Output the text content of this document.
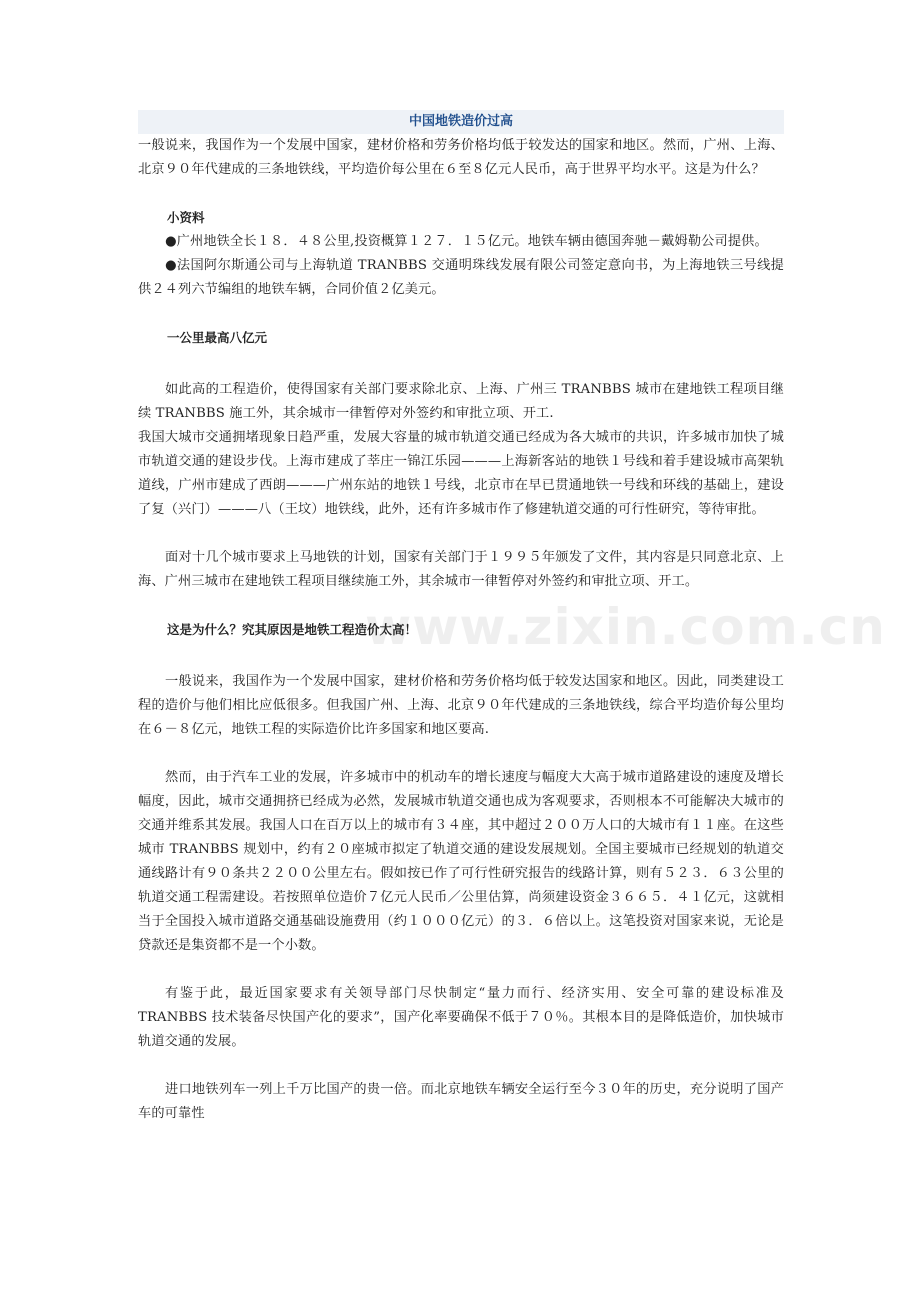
www.zixin.com.cn
中国地铁造价过高

一般说来，我国作为一个发展中国家，建材价格和劳务价格均低于较发达的国家和地区。然而，广州、上海、北京９０年代建成的三条地铁线，平均造价每公里在６至８亿元人民币，高于世界平均水平。这是为什么？

小资料

●广州地铁全长１８．４８公里,投资概算１２７．１５亿元。地铁车辆由德国奔驰－戴姆勒公司提供。

●法国阿尔斯通公司与上海轨道 TRANBBS 交通明珠线发展有限公司签定意向书，为上海地铁三号线提供２４列六节编组的地铁车辆，合同价值２亿美元。

一公里最高八亿元

如此高的工程造价，使得国家有关部门要求除北京、上海、广州三 TRANBBS 城市在建地铁工程项目继续 TRANBBS 施工外，其余城市一律暂停对外签约和审批立项、开工.

我国大城市交通拥堵现象日趋严重，发展大容量的城市轨道交通已经成为各大城市的共识，许多城市加快了城市轨道交通的建设步伐。上海市建成了莘庄一锦江乐园———上海新客站的地铁１号线和着手建设城市高架轨道线，广州市建成了西朗———广州东站的地铁１号线，北京市在早已贯通地铁一号线和环线的基础上，建设了复（兴门）———八（王坟）地铁线，此外，还有许多城市作了修建轨道交通的可行性研究，等待审批。

面对十几个城市要求上马地铁的计划，国家有关部门于１９９５年颁发了文件，其内容是只同意北京、上海、广州三城市在建地铁工程项目继续施工外，其余城市一律暂停对外签约和审批立项、开工。

这是为什么？究其原因是地铁工程造价太高！

一般说来，我国作为一个发展中国家，建材价格和劳务价格均低于较发达国家和地区。因此，同类建设工程的造价与他们相比应低很多。但我国广州、上海、北京９０年代建成的三条地铁线，综合平均造价每公里均在６－８亿元，地铁工程的实际造价比许多国家和地区要高.

然而，由于汽车工业的发展，许多城市中的机动车的增长速度与幅度大大高于城市道路建设的速度及增长幅度，因此，城市交通拥挤已经成为必然，发展城市轨道交通也成为客观要求，否则根本不可能解决大城市的交通并维系其发展。我国人口在百万以上的城市有３４座，其中超过２００万人口的大城市有１１座。在这些城市 TRANBBS 规划中，约有２０座城市拟定了轨道交通的建设发展规划。全国主要城市已经规划的轨道交通线路计有９０条共２２００公里左右。假如按已作了可行性研究报告的线路计算，则有５２３．６３公里的轨道交通工程需建设。若按照单位造价７亿元人民币／公里估算，尚须建设资金３６６５．４１亿元，这就相当于全国投入城市道路交通基础设施费用（约１０００亿元）的３．６倍以上。这笔投资对国家来说，无论是贷款还是集资都不是一个小数。

有鉴于此，最近国家要求有关领导部门尽快制定“量力而行、经济实用、安全可靠的建设标准及 TRANBBS 技术装备尽快国产化的要求”，国产化率要确保不低于７０％。其根本目的是降低造价，加快城市轨道交通的发展。

进口地铁列车一列上千万比国产的贵一倍。而北京地铁车辆安全运行至今３０年的历史，充分说明了国产车的可靠性
